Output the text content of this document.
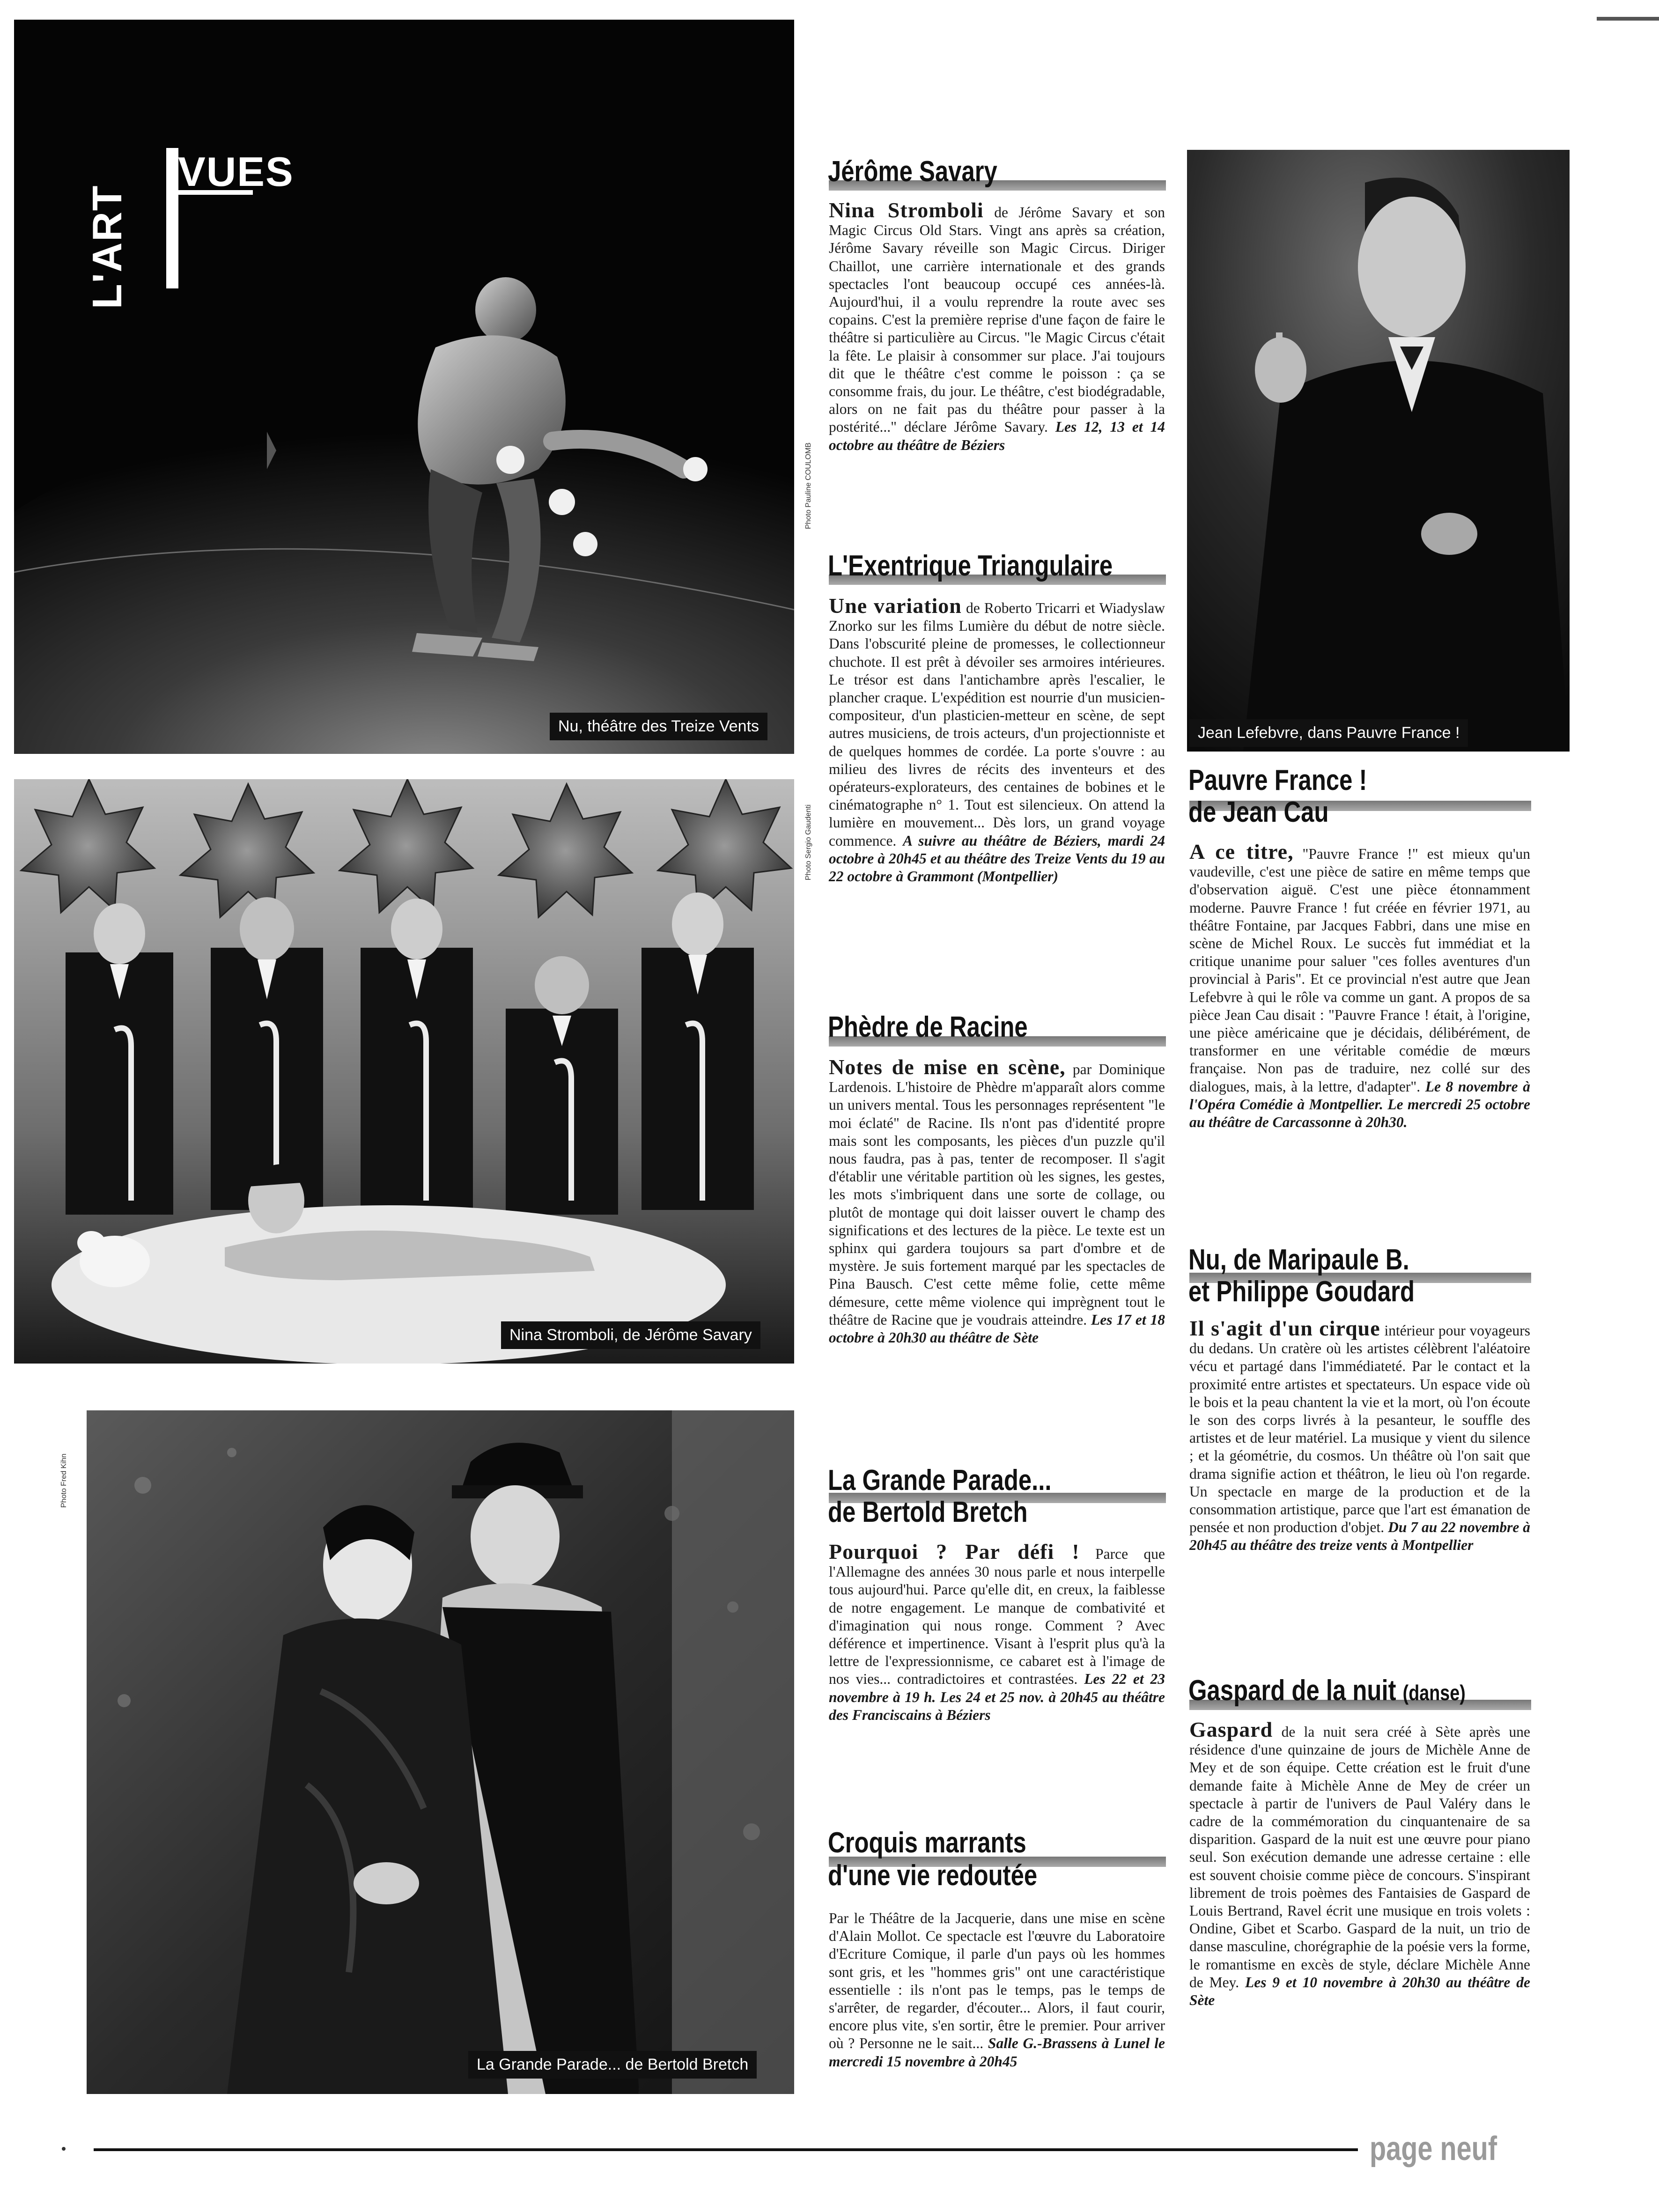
Photo Pauline COULOMB
Nu, théâtre des Treize Vents
VUES
L'ART
Photo Sergio Gaudenti
Nina Stromboli, de Jérôme Savary
Photo Fred Kihn
La Grande Parade... de Bertold Bretch
Jean Lefebvre, dans Pauvre France !
Jérôme Savary
Nina Stromboli de Jérôme Savary et son Magic Circus Old Stars. Vingt ans après sa création, Jérôme Savary réveille son Magic Circus. Diriger Chaillot, une carrière internationale et des grands spectacles l'ont beaucoup occupé ces années-là. Aujourd'hui, il a voulu reprendre la route avec ses copains. C'est la première reprise d'une façon de faire le théâtre si particulière au Circus. "le Magic Circus c'était la fête. Le plaisir à consommer sur place. J'ai toujours dit que le théâtre c'est comme le poisson : ça se consomme frais, du jour. Le théâtre, c'est biodégradable, alors on ne fait pas du théâtre pour passer à la postérité..." déclare Jérôme Savary. Les 12, 13 et 14 octobre au théâtre de Béziers
L'Exentrique Triangulaire
Une variation de Roberto Tricarri et Wiadyslaw Znorko sur les films Lumière du début de notre siècle. Dans l'obscurité pleine de promesses, le collectionneur chuchote. Il est prêt à dévoiler ses armoires intérieures. Le trésor est dans l'antichambre après l'escalier, le plancher craque. L'expédition est nourrie d'un musicien-compositeur, d'un plasticien-metteur en scène, de sept autres musiciens, de trois acteurs, d'un projectionniste et de quelques hommes de cordée. La porte s'ouvre : au milieu des livres de récits des inventeurs et des opérateurs-explorateurs, des centaines de bobines et le cinématographe n° 1. Tout est silencieux. On attend la lumière en mouvement... Dès lors, un grand voyage commence. A suivre au théâtre de Béziers, mardi 24 octobre à 20h45 et au théâtre des Treize Vents du 19 au 22 octobre à Grammont (Montpellier)
Phèdre de Racine
Notes de mise en scène, par Dominique Lardenois. L'histoire de Phèdre m'apparaît alors comme un univers mental. Tous les personnages représentent "le moi éclaté" de Racine. Ils n'ont pas d'identité propre mais sont les composants, les pièces d'un puzzle qu'il nous faudra, pas à pas, tenter de recomposer. Il s'agit d'établir une véritable partition où les signes, les gestes, les mots s'imbriquent dans une sorte de collage, ou plutôt de montage qui doit laisser ouvert le champ des significations et des lectures de la pièce. Le texte est un sphinx qui gardera toujours sa part d'ombre et de mystère. Je suis fortement marqué par les spectacles de Pina Bausch. C'est cette même folie, cette même démesure, cette même violence qui imprègnent tout le théâtre de Racine que je voudrais atteindre. Les 17 et 18 octobre à 20h30 au théâtre de Sète
La Grande Parade...
de Bertold Bretch
Pourquoi ? Par défi ! Parce que l'Allemagne des années 30 nous parle et nous interpelle tous aujourd'hui. Parce qu'elle dit, en creux, la faiblesse de notre engagement. Le manque de combativité et d'imagination qui nous ronge. Comment ? Avec déférence et impertinence. Visant à l'esprit plus qu'à la lettre de l'expressionnisme, ce cabaret est à l'image de nos vies... contradictoires et contrastées. Les 22 et 23 novembre à 19 h. Les 24 et 25 nov. à 20h45 au théâtre des Franciscains à Béziers
Croquis marrants
d'une vie redoutée
Par le Théâtre de la Jacquerie, dans une mise en scène d'Alain Mollot. Ce spectacle est l'œuvre du Laboratoire d'Ecriture Comique, il parle d'un pays où les hommes sont gris, et les "hommes gris" ont une caractéristique essentielle : ils n'ont pas le temps, pas le temps de s'arrêter, de regarder, d'écouter... Alors, il faut courir, encore plus vite, s'en sortir, être le premier. Pour arriver où ? Personne ne le sait... Salle G.-Brassens à Lunel le mercredi 15 novembre à 20h45
Pauvre France !
de Jean Cau
A ce titre, "Pauvre France !" est mieux qu'un vaudeville, c'est une pièce de satire en même temps que d'observation aiguë. C'est une pièce étonnamment moderne. Pauvre France ! fut créée en février 1971, au théâtre Fontaine, par Jacques Fabbri, dans une mise en scène de Michel Roux. Le succès fut immédiat et la critique unanime pour saluer "ces folles aventures d'un provincial à Paris". Et ce provincial n'est autre que Jean Lefebvre à qui le rôle va comme un gant. A propos de sa pièce Jean Cau disait : "Pauvre France ! était, à l'origine, une pièce américaine que je décidais, délibérément, de transformer en une véritable comédie de mœurs française. Non pas de traduire, nez collé sur des dialogues, mais, à la lettre, d'adapter". Le 8 novembre à l'Opéra Comédie à Montpellier. Le mercredi 25 octobre au théâtre de Carcassonne à 20h30.
Nu, de Maripaule B.
et Philippe Goudard
Il s'agit d'un cirque intérieur pour voyageurs du dedans. Un cratère où les artistes célèbrent l'aléatoire vécu et partagé dans l'immédiateté. Par le contact et la proximité entre artistes et spectateurs. Un espace vide où le bois et la peau chantent la vie et la mort, où l'on écoute le son des corps livrés à la pesanteur, le souffle des artistes et de leur matériel. La musique y vient du silence ; et la géométrie, du cosmos. Un théâtre où l'on sait que drama signifie action et théâtron, le lieu où l'on regarde. Un spectacle en marge de la production et de la consommation artistique, parce que l'art est émanation de pensée et non production d'objet. Du 7 au 22 novembre à 20h45 au théâtre des treize vents à Montpellier
Gaspard de la nuit (danse)
Gaspard de la nuit sera créé à Sète après une résidence d'une quinzaine de jours de Michèle Anne de Mey et de son équipe. Cette création est le fruit d'une demande faite à Michèle Anne de Mey de créer un spectacle à partir de l'univers de Paul Valéry dans le cadre de la commémoration du cinquantenaire de sa disparition. Gaspard de la nuit est une œuvre pour piano seul. Son exécution demande une adresse certaine : elle est souvent choisie comme pièce de concours. S'inspirant librement de trois poèmes des Fantaisies de Gaspard de Louis Bertrand, Ravel écrit une musique en trois volets : Ondine, Gibet et Scarbo. Gaspard de la nuit, un trio de danse masculine, chorégraphie de la poésie vers la forme, le romantisme en excès de style, déclare Michèle Anne de Mey. Les 9 et 10 novembre à 20h30 au théâtre de Sète
page neuf
